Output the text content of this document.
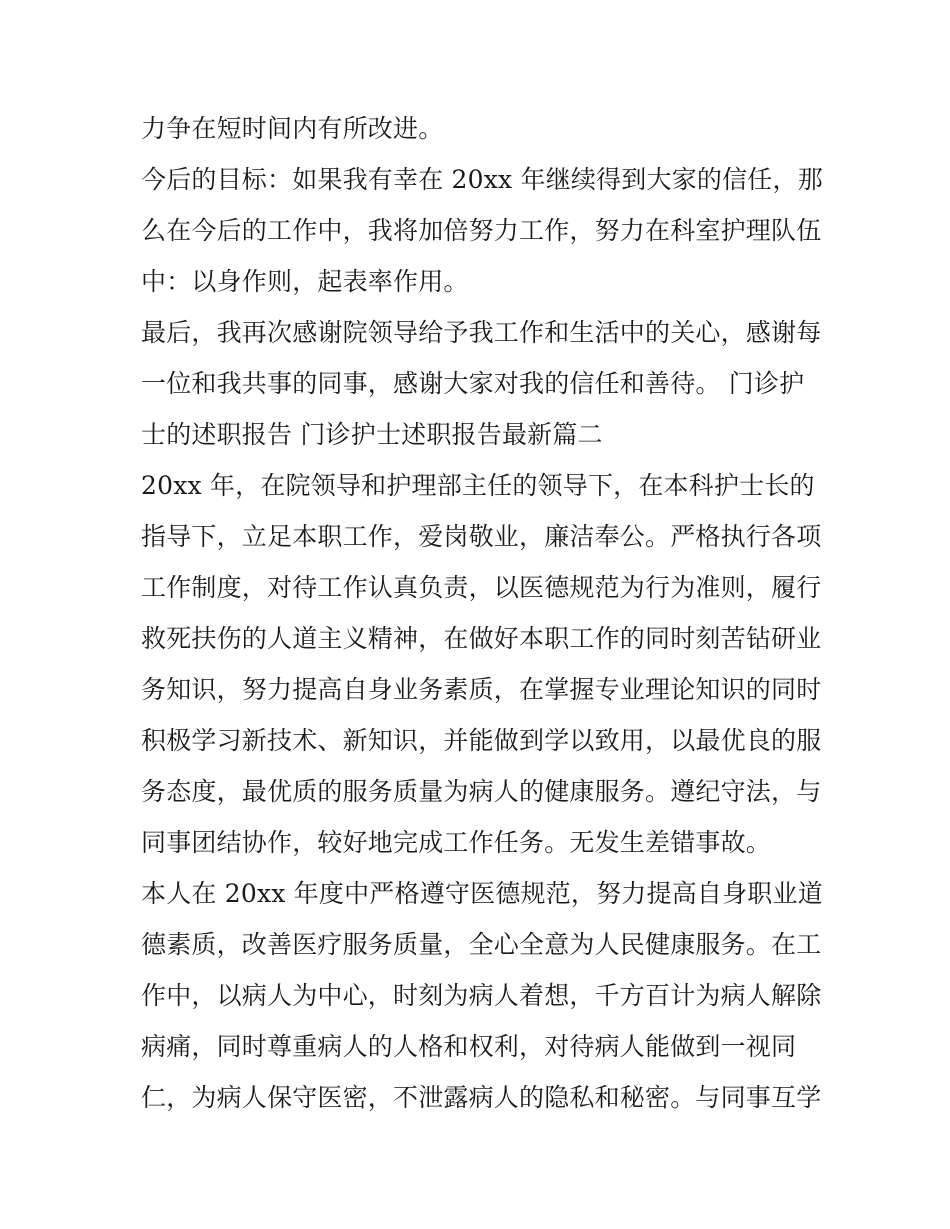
力争在短时间内有所改进。
今后的目标：如果我有幸在 20xx 年继续得到大家的信任，那
么在今后的工作中，我将加倍努力工作，努力在科室护理队伍
中：以身作则，起表率作用。
最后，我再次感谢院领导给予我工作和生活中的关心，感谢每
一位和我共事的同事，感谢大家对我的信任和善待。 门诊护
士的述职报告 门诊护士述职报告最新篇二
20xx 年，在院领导和护理部主任的领导下，在本科护士长的
指导下，立足本职工作，爱岗敬业，廉洁奉公。严格执行各项
工作制度，对待工作认真负责，以医德规范为行为准则，履行
救死扶伤的人道主义精神，在做好本职工作的同时刻苦钻研业
务知识，努力提高自身业务素质，在掌握专业理论知识的同时
积极学习新技术、新知识，并能做到学以致用，以最优良的服
务态度，最优质的服务质量为病人的健康服务。遵纪守法，与
同事团结协作，较好地完成工作任务。无发生差错事故。
本人在 20xx 年度中严格遵守医德规范，努力提高自身职业道
德素质，改善医疗服务质量，全心全意为人民健康服务。在工
作中，以病人为中心，时刻为病人着想，千方百计为病人解除
病痛，同时尊重病人的人格和权利，对待病人能做到一视同
仁，为病人保守医密，不泄露病人的隐私和秘密。与同事互学
